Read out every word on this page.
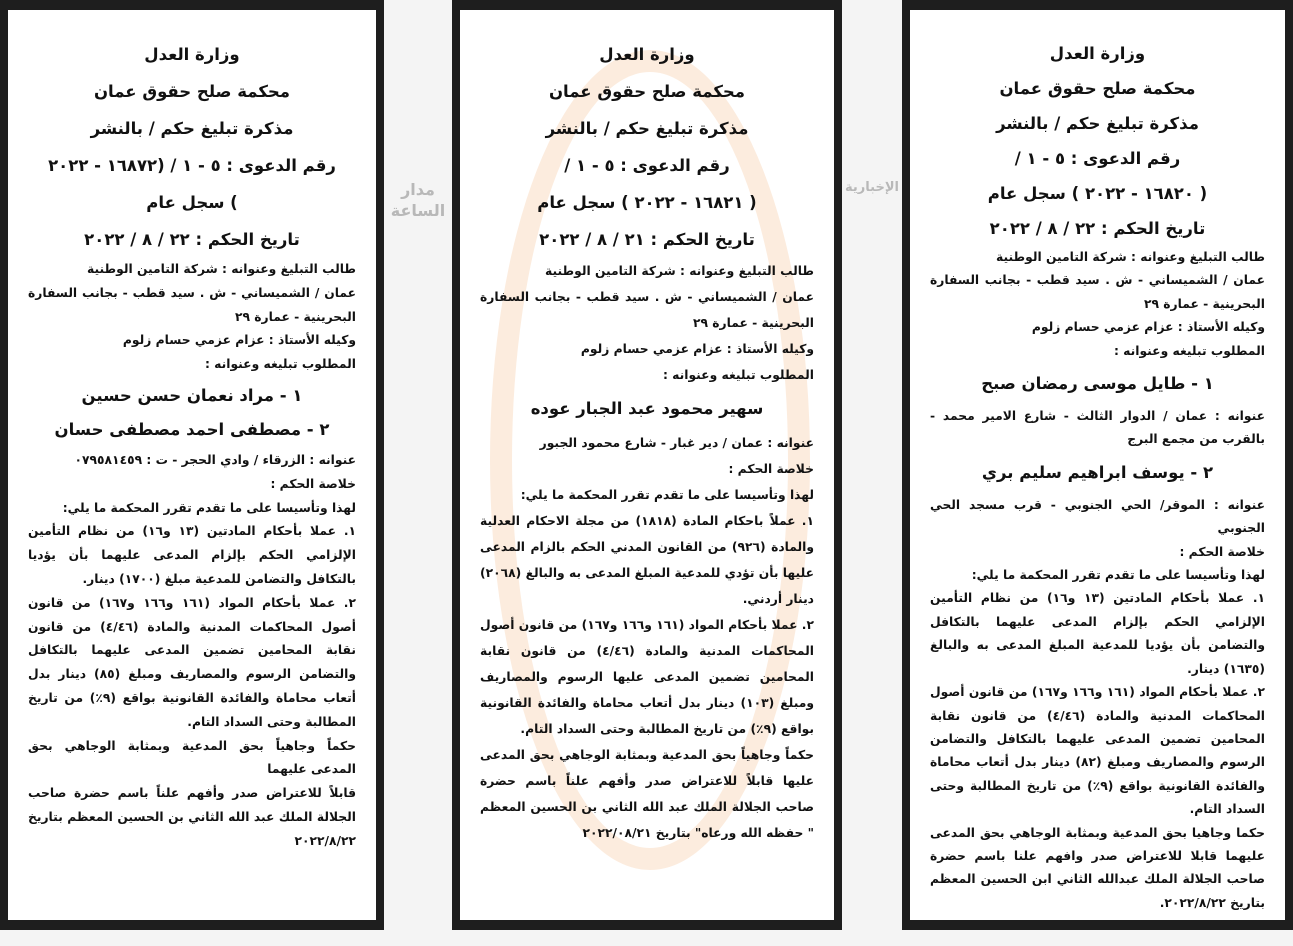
مدار الساعة
الإخبارية
وزارة العدل
محكمة صلح حقوق عمان
مذكرة تبليغ حكم / بالنشر
رقم الدعوى : ٥ - ١ / (١٦٨٧٢ - ٢٠٢٢
) سجل عام
تاريخ الحكم : ٢٢ / ٨ / ٢٠٢٢
طالب التبليغ وعنوانه : شركة التامين الوطنية
عمان / الشميساني - ش . سيد قطب - بجانب السفارة البحرينية - عمارة ٢٩
وكيله الأستاذ : عزام عزمي حسام زلوم
المطلوب تبليغه وعنوانه :
١ - مراد نعمان حسن حسين
٢ - مصطفى احمد مصطفى حسان
عنوانه : الزرقاء / وادي الحجر - ت : ٠٧٩٥٨١٤٥٩
خلاصة الحكم :
لهذا وتأسيسا على ما تقدم تقرر المحكمة ما يلي:
١. عملا بأحكام المادتين (١٣ و١٦) من نظام التأمين الإلزامي الحكم بإلزام المدعى عليهما بأن يؤديا بالتكافل والتضامن للمدعية مبلغ (١٧٠٠) دينار.
٢. عملا بأحكام المواد (١٦١ و١٦٦ و١٦٧) من قانون أصول المحاكمات المدنية والمادة (٤/٤٦) من قانون نقابة المحامين تضمين المدعى عليهما بالتكافل والتضامن الرسوم والمصاريف ومبلغ (٨٥) دينار بدل أتعاب محاماة والفائدة القانونية بواقع (٩٪) من تاريخ المطالبة وحتى السداد التام.
حكماً وجاهياً بحق المدعية وبمثابة الوجاهي بحق المدعى عليهما
قابلاً للاعتراض صدر وأفهم علناً باسم حضرة صاحب الجلالة الملك عبد الله الثاني بن الحسين المعظم بتاريخ ٢٠٢٢/٨/٢٢
وزارة العدل
محكمة صلح حقوق عمان
مذكرة تبليغ حكم / بالنشر
رقم الدعوى : ٥ - ١ /
( ١٦٨٢١ - ٢٠٢٢ ) سجل عام
تاريخ الحكم : ٢١ / ٨ / ٢٠٢٢
طالب التبليغ وعنوانه : شركة التامين الوطنية
عمان / الشميساني - ش . سيد قطب - بجانب السفارة البحرينية - عمارة ٢٩
وكيله الأستاذ : عزام عزمي حسام زلوم
المطلوب تبليغه وعنوانه :
سهير محمود عبد الجبار عوده
عنوانه : عمان / دير غبار - شارع محمود الجبور
خلاصة الحكم :
لهذا وتأسيسا على ما تقدم تقرر المحكمة ما يلي:
١. عملاً باحكام المادة (١٨١٨) من مجلة الاحكام العدلية والمادة (٩٢٦) من القانون المدني الحكم بالزام المدعى عليها بأن تؤدي للمدعية المبلغ المدعى به والبالغ (٢٠٦٨) دينار أردني.
٢. عملا بأحكام المواد (١٦١ و١٦٦ و١٦٧) من قانون أصول المحاكمات المدنية والمادة (٤/٤٦) من قانون نقابة المحامين تضمين المدعى عليها الرسوم والمصاريف ومبلغ (١٠٣) دينار بدل أتعاب محاماة والفائدة القانونية بواقع (٩٪) من تاريخ المطالبة وحتى السداد التام.
حكماً وجاهياً بحق المدعية وبمثابة الوجاهي بحق المدعى عليها قابلاً للاعتراض صدر وأفهم علناً باسم حضرة صاحب الجلالة الملك عبد الله الثاني بن الحسين المعظم " حفظه الله ورعاه" بتاريخ ٢٠٢٢/٠٨/٢١
وزارة العدل
محكمة صلح حقوق عمان
مذكرة تبليغ حكم / بالنشر
رقم الدعوى : ٥ - ١ /
( ١٦٨٢٠ - ٢٠٢٢ ) سجل عام
تاريخ الحكم : ٢٢ / ٨ / ٢٠٢٢
طالب التبليغ وعنوانه : شركة التامين الوطنية
عمان / الشميساني - ش . سيد قطب - بجانب السفارة البحرينية - عمارة ٢٩
وكيله الأستاذ : عزام عزمي حسام زلوم
المطلوب تبليغه وعنوانه :
١ - طايل موسى رمضان صبح
عنوانه : عمان / الدوار الثالث - شارع الامير محمد - بالقرب من مجمع البرج
٢ - يوسف ابراهيم سليم بري
عنوانه : الموقر/ الحي الجنوبي - قرب مسجد الحي الجنوبي
خلاصة الحكم :
لهذا وتأسيسا على ما تقدم تقرر المحكمة ما يلي:
١. عملا بأحكام المادتين (١٣ و١٦) من نظام التأمين الإلزامي الحكم بإلزام المدعى عليهما بالتكافل والتضامن بأن يؤديا للمدعية المبلغ المدعى به والبالغ (١٦٣٥) دينار.
٢. عملا بأحكام المواد (١٦١ و١٦٦ و١٦٧) من قانون أصول المحاكمات المدنية والمادة (٤/٤٦) من قانون نقابة المحامين تضمين المدعى عليهما بالتكافل والتضامن الرسوم والمصاريف ومبلغ (٨٢) دينار بدل أتعاب محاماة والفائدة القانونية بواقع (٩٪) من تاريخ المطالبة وحتى السداد التام.
حكما وجاهيا بحق المدعية وبمثابة الوجاهي بحق المدعى عليهما قابلا للاعتراض صدر وافهم علنا باسم حضرة صاحب الجلالة الملك عبدالله الثاني ابن الحسين المعظم بتاريخ ٢٠٢٢/٨/٢٢.
